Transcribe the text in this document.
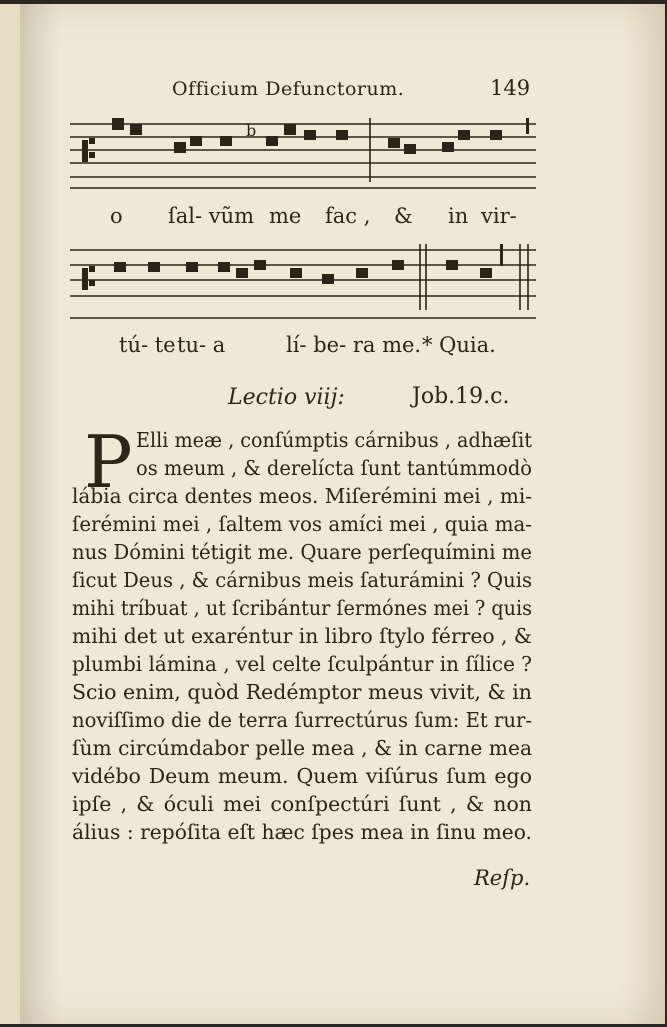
Officium Defunctorum.	149
b
o ſal- vũm me fac , & in vir-
tú- te tu- a	lí- be- ra me. * Quia.
Lectio viij:	Job.19.c.
P Elli meæ , conſúmptis cárnibus , adhæſit
os meum , & derelícta ſunt tantúmmodò
lábia circa dentes meos. Miſerémini mei , mi-
ſerémini mei , ſaltem vos amíci mei , quia ma-
nus Dómini tétigit me. Quare perſequímini me
ſicut Deus , & cárnibus meis ſaturámini ? Quis
mihi tríbuat , ut ſcribántur ſermónes mei ? quis
mihi det ut exaréntur in libro ſtylo férreo , &
plumbi lámina , vel celte ſculpántur in ſílice ?
Scio enim, quòd Redémptor meus vivit, & in
noviſſimo die de terra ſurrectúrus ſum: Et rur-
ſùm circúmdabor pelle mea , & in carne mea
vidébo Deum meum. Quem viſúrus ſum ego
ipſe , & óculi mei conſpectúri ſunt , & non
álius : repóſita eſt hæc ſpes mea in ſinu meo.
Reſp.
